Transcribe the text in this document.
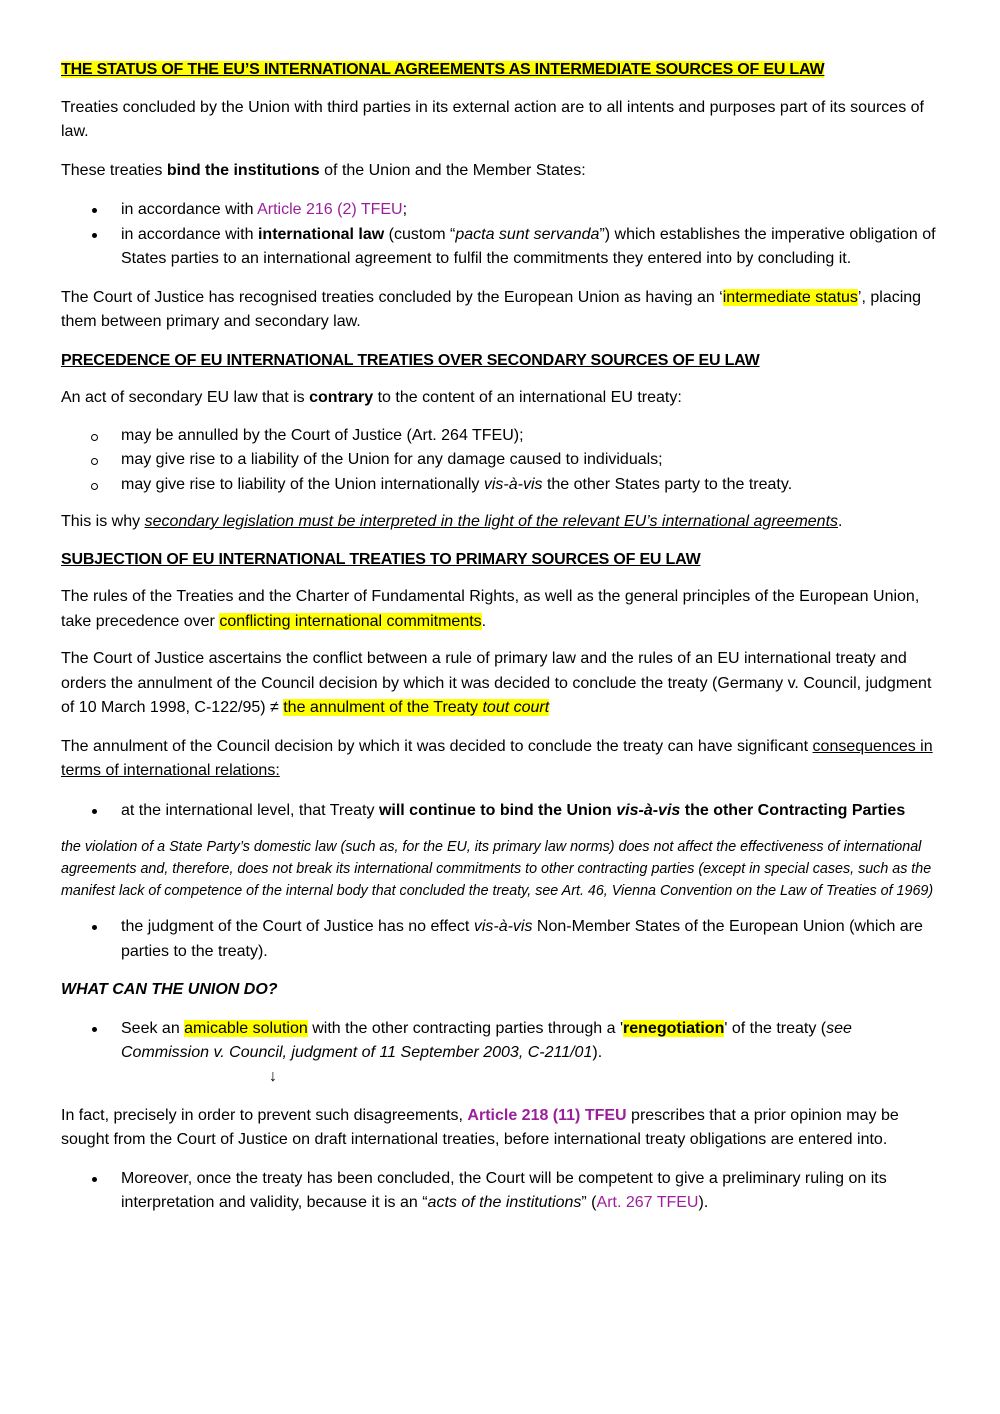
THE STATUS OF THE EU’S INTERNATIONAL AGREEMENTS AS INTERMEDIATE SOURCES OF EU LAW

Treaties concluded by the Union with third parties in its external action are to all intents and purposes part of its sources of law.

These treaties bind the institutions of the Union and the Member States:

in accordance with Article 216 (2) TFEU;
in accordance with international law (custom “pacta sunt servanda”) which establishes the imperative obligation of States parties to an international agreement to fulfil the commitments they entered into by concluding it.

The Court of Justice has recognised treaties concluded by the European Union as having an ‘intermediate status’, placing them between primary and secondary law.

PRECEDENCE OF EU INTERNATIONAL TREATIES OVER SECONDARY SOURCES OF EU LAW

An act of secondary EU law that is contrary to the content of an international EU treaty:

may be annulled by the Court of Justice (Art. 264 TFEU);
may give rise to a liability of the Union for any damage caused to individuals;
may give rise to liability of the Union internationally vis-à-vis the other States party to the treaty.

This is why secondary legislation must be interpreted in the light of the relevant EU’s international agreements.

SUBJECTION OF EU INTERNATIONAL TREATIES TO PRIMARY SOURCES OF EU LAW

The rules of the Treaties and the Charter of Fundamental Rights, as well as the general principles of the European Union, take precedence over conflicting international commitments.

The Court of Justice ascertains the conflict between a rule of primary law and the rules of an EU international treaty and orders the annulment of the Council decision by which it was decided to conclude the treaty (Germany v. Council, judgment of 10 March 1998, C-122/95) ≠ the annulment of the Treaty tout court

The annulment of the Council decision by which it was decided to conclude the treaty can have significant consequences in terms of international relations:

at the international level, that Treaty will continue to bind the Union vis-à-vis the other Contracting Parties

the violation of a State Party’s domestic law (such as, for the EU, its primary law norms) does not affect the effectiveness of international agreements and, therefore, does not break its international commitments to other contracting parties (except in special cases, such as the manifest lack of competence of the internal body that concluded the treaty, see Art. 46, Vienna Convention on the Law of Treaties of 1969)

the judgment of the Court of Justice has no effect vis-à-vis Non-Member States of the European Union (which are parties to the treaty).

WHAT CAN THE UNION DO?

Seek an amicable solution with the other contracting parties through a 'renegotiation' of the treaty (see Commission v. Council, judgment of 11 September 2003, C-211/01).

↓

In fact, precisely in order to prevent such disagreements, Article 218 (11) TFEU prescribes that a prior opinion may be sought from the Court of Justice on draft international treaties, before international treaty obligations are entered into.

Moreover, once the treaty has been concluded, the Court will be competent to give a preliminary ruling on its interpretation and validity, because it is an “acts of the institutions” (Art. 267 TFEU).
